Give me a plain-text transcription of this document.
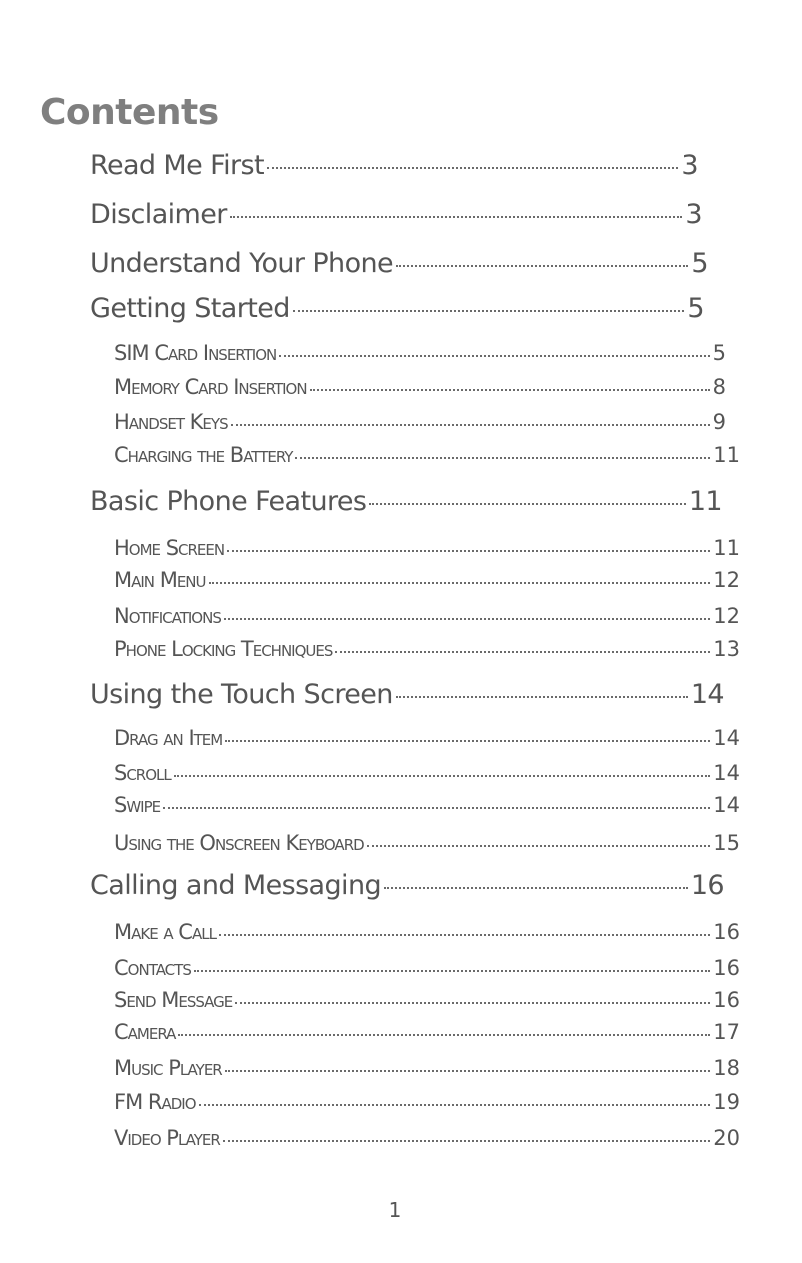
Contents
Read Me First	3
Disclaimer	3
Understand Your Phone	5
Getting Started	5
SIM Card Insertion	5
Memory Card Insertion	8
Handset Keys	9
Charging the Battery	11
Basic Phone Features	11
Home Screen	11
Main Menu	12
Notifications	12
Phone Locking Techniques	13
Using the Touch Screen	14
Drag an Item	14
Scroll	14
Swipe	14
Using the Onscreen Keyboard	15
Calling and Messaging	16
Make a Call	16
Contacts	16
Send Message	16
Camera	17
Music Player	18
FM Radio	19
Video Player	20
1
